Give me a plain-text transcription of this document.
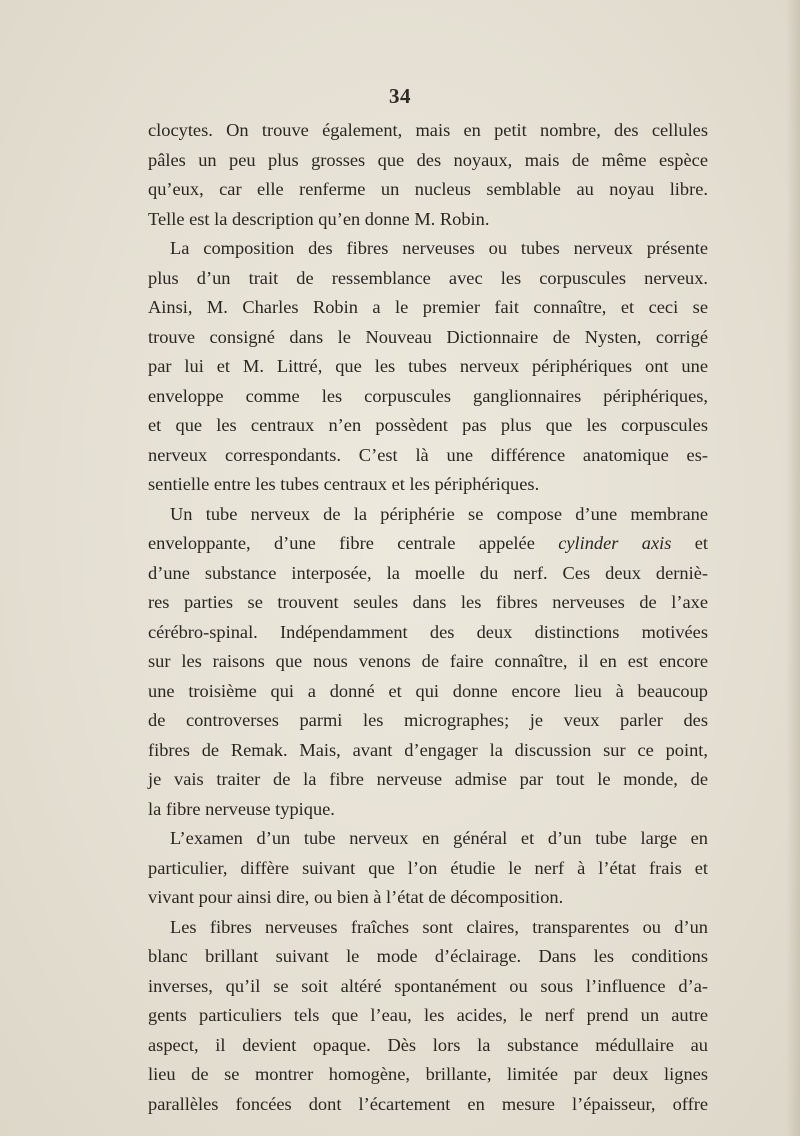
34
clocytes. On trouve également, mais en petit nombre, des cellules
pâles un peu plus grosses que des noyaux, mais de même espèce
qu’eux, car elle renferme un nucleus semblable au noyau libre.
Telle est la description qu’en donne M. Robin.
La composition des fibres nerveuses ou tubes nerveux présente
plus d’un trait de ressemblance avec les corpuscules nerveux.
Ainsi, M. Charles Robin a le premier fait connaître, et ceci se
trouve consigné dans le Nouveau Dictionnaire de Nysten, corrigé
par lui et M. Littré, que les tubes nerveux périphériques ont une
enveloppe comme les corpuscules ganglionnaires périphériques,
et que les centraux n’en possèdent pas plus que les corpuscules
nerveux correspondants. C’est là une différence anatomique es-
sentielle entre les tubes centraux et les périphériques.
Un tube nerveux de la périphérie se compose d’une membrane
enveloppante, d’une fibre centrale appelée cylinder axis et
d’une substance interposée, la moelle du nerf. Ces deux derniè-
res parties se trouvent seules dans les fibres nerveuses de l’axe
cérébro-spinal. Indépendamment des deux distinctions motivées
sur les raisons que nous venons de faire connaître, il en est encore
une troisième qui a donné et qui donne encore lieu à beaucoup
de controverses parmi les micrographes; je veux parler des
fibres de Remak. Mais, avant d’engager la discussion sur ce point,
je vais traiter de la fibre nerveuse admise par tout le monde, de
la fibre nerveuse typique.
L’examen d’un tube nerveux en général et d’un tube large en
particulier, diffère suivant que l’on étudie le nerf à l’état frais et
vivant pour ainsi dire, ou bien à l’état de décomposition.
Les fibres nerveuses fraîches sont claires, transparentes ou d’un
blanc brillant suivant le mode d’éclairage. Dans les conditions
inverses, qu’il se soit altéré spontanément ou sous l’influence d’a-
gents particuliers tels que l’eau, les acides, le nerf prend un autre
aspect, il devient opaque. Dès lors la substance médullaire au
lieu de se montrer homogène, brillante, limitée par deux lignes
parallèles foncées dont l’écartement en mesure l’épaisseur, offre
